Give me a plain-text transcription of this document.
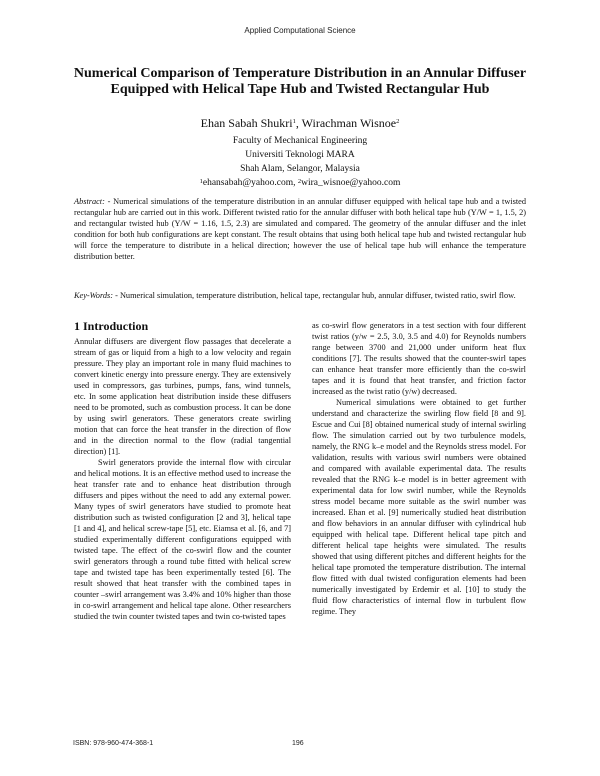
Applied Computational Science
Numerical Comparison of Temperature Distribution in an Annular Diffuser Equipped with Helical Tape Hub and Twisted Rectangular Hub
Ehan Sabah Shukri$^1$, Wirachman Wisnoe$^2$
Faculty of Mechanical Engineering
Universiti Teknologi MARA
Shah Alam, Selangor, Malaysia
$^1$ehansabah@yahoo.com, $^2$wira_wisnoe@yahoo.com
Abstract: - Numerical simulations of the temperature distribution in an annular diffuser equipped with helical tape hub and a twisted rectangular hub are carried out in this work. Different twisted ratio for the annular diffuser with both helical tape hub (Y/W = 1, 1.5, 2) and rectangular twisted hub (Y/W = 1.16, 1.5, 2.3) are simulated and compared. The geometry of the annular diffuser and the inlet condition for both hub configurations are kept constant. The result obtains that using both helical tape hub and twisted rectangular hub will force the temperature to distribute in a helical direction; however the use of helical tape hub will enhance the temperature distribution better.
Key-Words: - Numerical simulation, temperature distribution, helical tape, rectangular hub, annular diffuser, twisted ratio, swirl flow.
1 Introduction

Annular diffusers are divergent flow passages that decelerate a stream of gas or liquid from a high to a low velocity and regain pressure. They play an important role in many fluid machines to convert kinetic energy into pressure energy. They are extensively used in compressors, gas turbines, pumps, fans, wind tunnels, etc. In some application heat distribution inside these diffusers need to be promoted, such as combustion process. It can be done by using swirl generators. These generators create swirling motion that can force the heat transfer in the direction of flow and in the direction normal to the flow (radial tangential direction) [1].

Swirl generators provide the internal flow with circular and helical motions. It is an effective method used to increase the heat transfer rate and to enhance heat distribution through diffusers and pipes without the need to add any external power. Many types of swirl generators have studied to promote heat distribution such as twisted configuration [2 and 3], helical tape [1 and 4], and helical screw-tape [5], etc. Eiamsa et al. [6, and 7] studied experimentally different configurations equipped with twisted tape. The effect of the co-swirl flow and the counter swirl generators through a round tube fitted with helical screw tape and twisted tape has been experimentally tested [6]. The result showed that heat transfer with the combined tapes in counter –swirl arrangement was 3.4% and 10% higher than those in co-swirl arrangement and helical tape alone. Other researchers studied the twin counter twisted tapes and twin co-twisted tapes

as co-swirl flow generators in a test section with four different twist ratios (y/w = 2.5, 3.0, 3.5 and 4.0) for Reynolds numbers range between 3700 and 21,000 under uniform heat flux conditions [7]. The results showed that the counter-swirl tapes can enhance heat transfer more efficiently than the co-swirl tapes and it is found that heat transfer, and friction factor increased as the twist ratio (y/w) decreased.

Numerical simulations were obtained to get further understand and characterize the swirling flow field [8 and 9]. Escue and Cui [8] obtained numerical study of internal swirling flow. The simulation carried out by two turbulence models, namely, the RNG k–e model and the Reynolds stress model. For validation, results with various swirl numbers were obtained and compared with available experimental data. The results revealed that the RNG k–e model is in better agreement with experimental data for low swirl number, while the Reynolds stress model became more suitable as the swirl number was increased. Ehan et al. [9] numerically studied heat distribution and flow behaviors in an annular diffuser with cylindrical hub equipped with helical tape. Different helical tape pitch and different helical tape heights were simulated. The results showed that using different pitches and different heights for the helical tape promoted the temperature distribution. The internal flow fitted with dual twisted configuration elements had been numerically investigated by Erdemir et al. [10] to study the fluid flow characteristics of internal flow in turbulent flow regime. They

ISBN: 978-960-474-368-1	196
